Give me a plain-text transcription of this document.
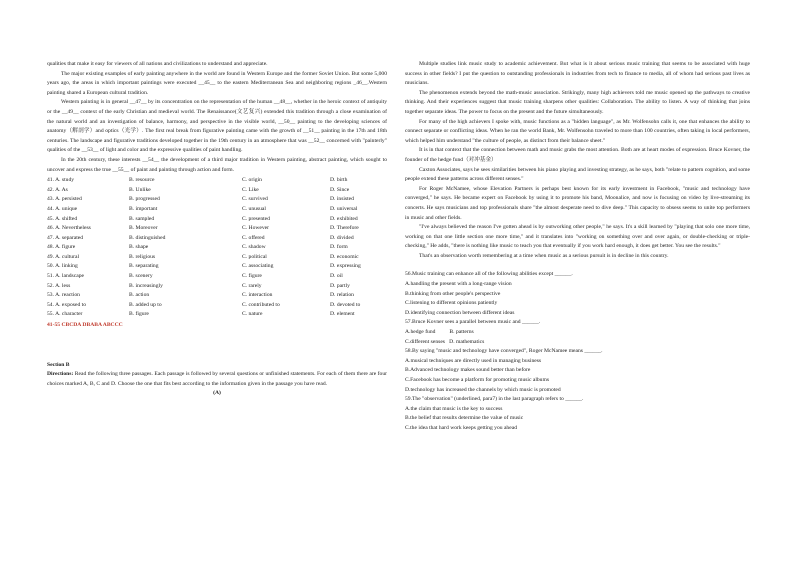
qualities that make it easy for viewers of all nations and civilizations to understand and appreciate.

The major existing examples of early painting anywhere in the world are found in Western Europe and the former Soviet Union. But some 5,000 years ago, the areas in which important paintings were executed __45__ to the eastern Mediterranean Sea and neighboring regions _46__.Western painting shared a European cultural tradition.

Western painting is in general __47__ by its concentration on the representation of the human __48__, whether in the heroic context of antiquity or the __49__ context of the early Christian and medieval world. The Renaissance(文艺复兴) extended this tradition through a close examination of the natural world and an investigation of balance, harmony, and perspective in the visible world, __50__ painting to the developing sciences of anatomy（解剖学）and optics（光学）. The first real break from figurative painting came with the growth of __51__ painting in the 17th and 18th centuries. The landscape and figurative traditions developed together in the 19th century in an atmosphere that was __52__ concerned with "painterly" qualities of the __53__ of light and color and the expressive qualities of paint handling.

In the 20th century, these interests __54__ the development of a third major tradition in Western painting, abstract painting, which sought to uncover and express the true __55__ of paint and painting through action and form.

41. A. study	B. resource	C. origin	D. birth
42. A. As	B. Unlike	C. Like	D. Since
43. A. persisted	B. progressed	C. survived	D. insisted
44. A. unique	B. important	C. unusual	D. universal
45. A. shifted	B. sampled	C. presented	D. exhibited
46. A. Nevertheless	B. Moreover	C. However	D. Therefore
47. A. separated	B. distinguished	C. offered	D. divided
48. A. figure	B. shape	C. shadow	D. form
49. A. cultural	B. religious	C. political	D. economic
50. A. linking	B. separating	C. associating	D. expressing
51. A. landscape	B. scenery	C. figure	D. oil
52. A. less	B. increasingly	C. rarely	D. partly
53. A. reaction	B. action	C. interaction	D. relation
54. A. exposed to	B. added up to	C. contributed to	D. devoted to
55. A. character	B. figure	C. nature	D. element

41-55 CBCDA DBABA ABCCC

Section B

Directions: Read the following three passages. Each passage is followed by several questions or unfinished statements. For each of them there are four choices marked A, B, C and D. Choose the one that fits best according to the information given in the passage you have read.

(A)

Multiple studies link music study to academic achievement. But what is it about serious music training that seems to be associated with huge success in other fields? I put the question to outstanding professionals in industries from tech to finance to media, all of whom had serious past lives as musicians.

The phenomenon extends beyond the math-music association. Strikingly, many high achievers told me music opened up the pathways to creative thinking. And their experiences suggest that music training sharpens other qualities: Collaboration. The ability to listen. A way of thinking that joins together separate ideas. The power to focus on the present and the future simultaneously.

For many of the high achievers I spoke with, music functions as a "hidden language", as Mr. Wolfensohn calls it, one that enhances the ability to connect separate or conflicting ideas. When he ran the world Bank, Mr. Wolfensohn traveled to more than 100 countries, often taking in local performers, which helped him understand "the culture of people, as distinct from their balance sheet."

It is in that context that the connection between math and music grabs the most attention. Both are at heart modes of expression. Bruce Kovner, the founder of the hedge fund（对冲基金）

Caxton Associates, says he sees similarities between his piano playing and investing strategy, as he says, both "relate to pattern cognition, and some people extend these patterns across different senses."

For Roger McNamee, whose Elevation Partners is perhaps best known for its early investment in Facebook, "music and technology have converged," he says. He became expert on Facebook by using it to promote his band, Moonalice, and now is focusing on video by live-streaming its concerts. He says musicians and top professionals share "the almost desperate need to dive deep." This capacity to obsess seems to unite top performers in music and other fields.

"I've always believed the reason I've gotten ahead is by outworking other people," he says. It's a skill learned by "playing that solo one more time, working on that one little section one more time," and it translates into "working on something over and over again, or double-checking or triple-checking," He adds, "there is nothing like music to teach you that eventually if you work hard enough, it does get better. You see the results."

That's an observation worth remembering at a time when music as a serious pursuit is in decline in this country.

56.Music training can enhance all of the following abilities except ______.

A.handling the present with a long-range vision

B.thinking from other people's perspective

C.listening to different opinions patiently

D.identifying connection between different ideas

57.Bruce Kovner sees a parallel between music and ______.

A.hedge fund          B. patterns

C.different senses   D. mathematics

58.By saying "music and technology have converged", Roger McNamee means ______.

A.musical techniques are directly used in managing business

B.Advanced technology makes sound better than before

C.Facebook has become a platform for promoting music albums

D.technology has increased the channels by which music is promoted

59.The "observation" (underlined, para7) in the last paragraph refers to ______.

A.the claim that music is the key to success

B.the belief that results determine the value of music

C.the idea that hard work keeps getting you ahead
